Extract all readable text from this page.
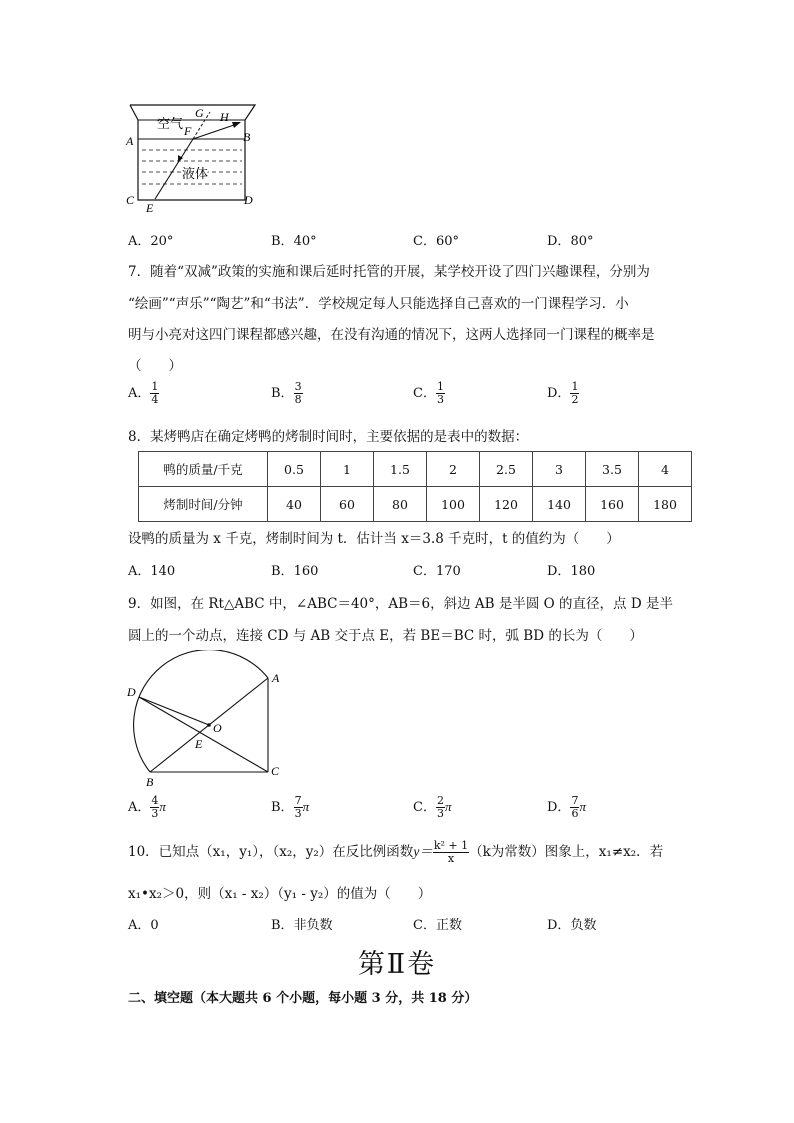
空气
液体
A	B
C	D
E
F
G H
A．20°	B．40°	C．60°	D．80°
7．随着“双减”政策的实施和课后延时托管的开展，某学校开设了四门兴趣课程，分别为
“绘画”“声乐”“陶艺”和“书法”．学校规定每人只能选择自己喜欢的一门课程学习．小
明与小亮对这四门课程都感兴趣，在没有沟通的情况下，这两人选择同一门课程的概率是
（　　）
A． $\frac{1}{4}$	B． $\frac{3}{8}$	C． $\frac{1}{3}$	D． $\frac{1}{2}$
8．某烤鸭店在确定烤鸭的烤制时间时，主要依据的是表中的数据：
鸭的质量/千克	0.5	1	1.5	2	2.5	3	3.5	4
烤制时间/分钟	40	60	80	100	120	140	160	180
设鸭的质量为 x 千克，烤制时间为 t．估计当 x＝3.8 千克时，t 的值约为（　　）
A．140	B．160	C．170	D．180
9．如图，在 Rt△ABC 中，∠ABC＝40°，AB＝6，斜边 AB 是半圆 O 的直径，点 D 是半
圆上的一个动点，连接 CD 与 AB 交于点 E，若 BE＝BC 时，弧 BD 的长为（　　）
A
B
C
D
E
O
A． $\frac{4}{3}$ π	B． $\frac{7}{3}$ π	C． $\frac{2}{3}$ π	D． $\frac{7}{6}$ π
10．已知点（x₁，y₁），（x₂，y₂）在反比例函数$y= \frac{\text{k² + 1}}{x} (k$为常数）图象上，x₁≠x₂．若
x₁•x₂＞0，则（x₁ - x₂）（y₁ - y₂）的值为（　　）
A．0	B．非负数	C．正数	D．负数
第Ⅱ卷
二、填空题（本大题共 6 个小题，每小题 3 分，共 18 分）
